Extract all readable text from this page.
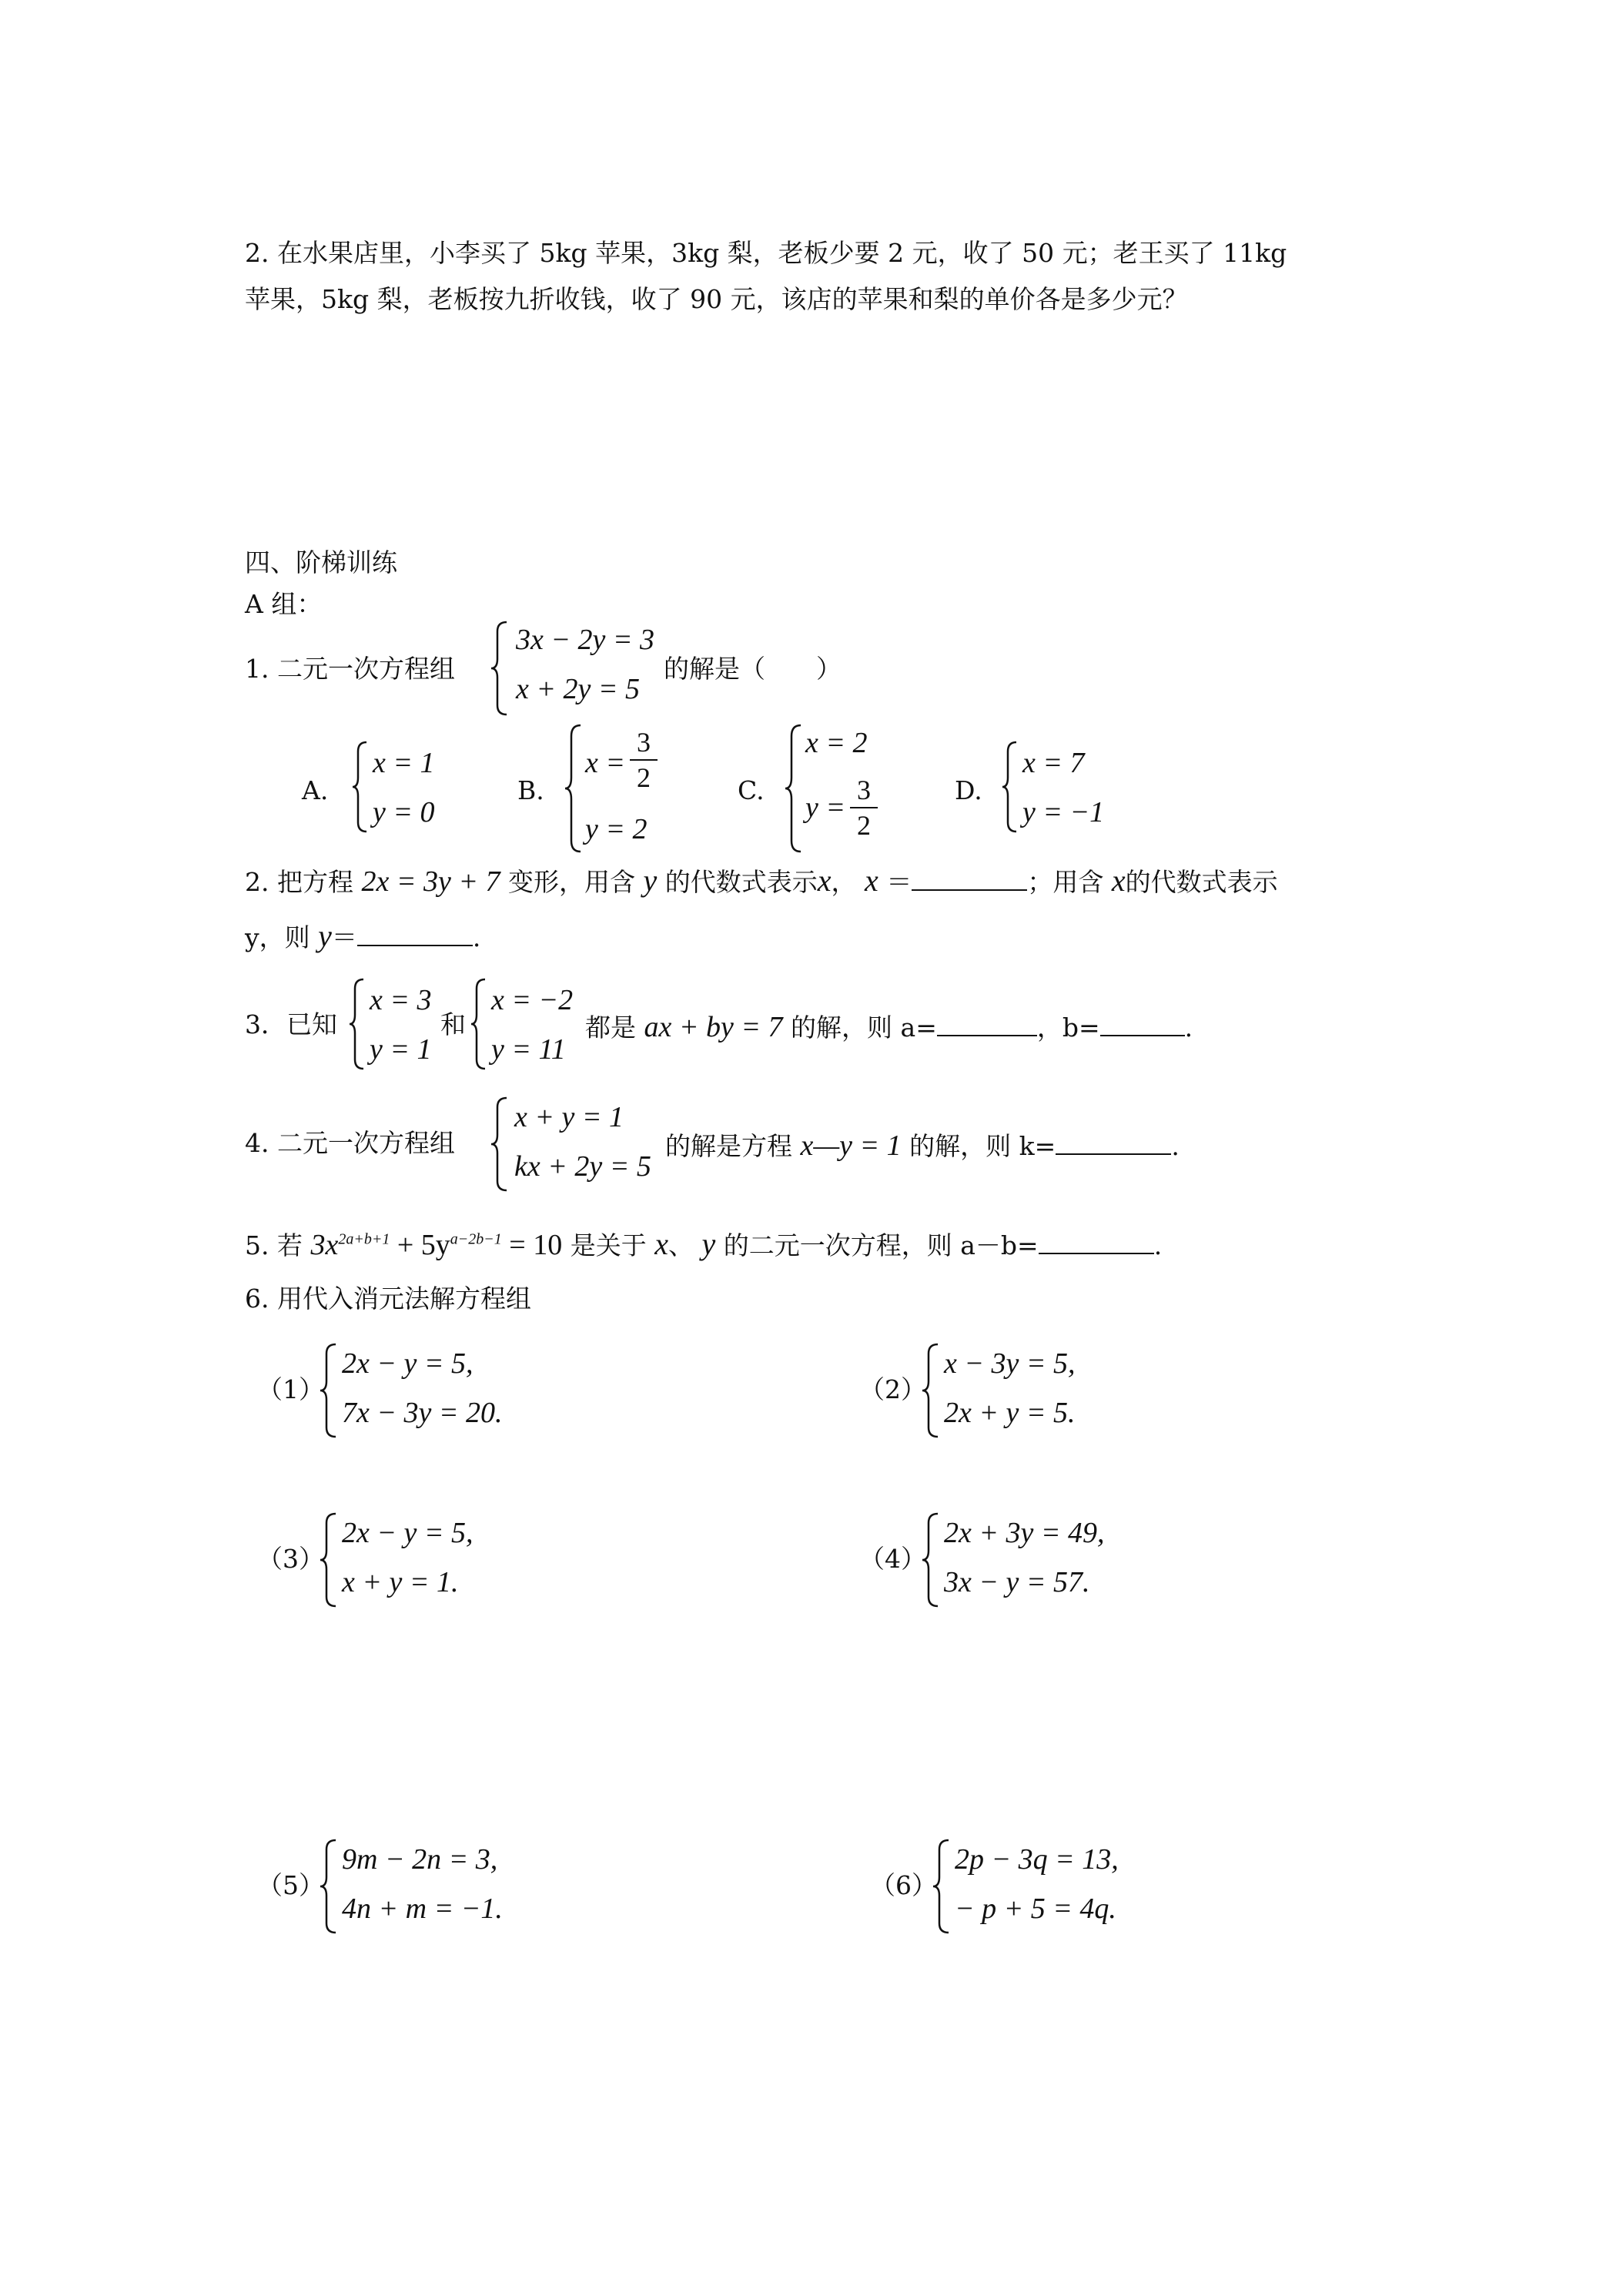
2. 在水果店里，小李买了 5kg 苹果，3kg 梨，老板少要 2 元，收了 50 元；老王买了 11kg
苹果，5kg 梨，老板按九折收钱，收了 90 元，该店的苹果和梨的单价各是多少元？
四、阶梯训练
A 组：
1. 二元一次方程组
3x − 2y = 3
x + 2y = 5
的解是（　　）
A.
x = 1
y = 0
B.
x =
3
2
y = 2
C.
x = 2
y =
3
2
D.
x = 7
y = −1
2. 把方程 2x = 3y + 7 变形，用含 y 的代数式表示x， x ＝	；用含 x的代数式表示
y，则 y＝	.
3．已知
x = 3
y = 1
和
x = −2
y = 11
都是 ax + by = 7 的解，则 a=	，b=	.
4. 二元一次方程组
x + y = 1
kx + 2y = 5
的解是方程 x—y = 1 的解，则 k=	.
5. 若 $3x^{2a+b+1} + 5y^{a-2b-1} = 10$ 是关于 x、 y 的二元一次方程，则 a－b=	.
6. 用代入消元法解方程组
（1）
2x − y = 5,
7x − 3y = 20.
（2）
x − 3y = 5,
2x + y = 5.
（3）
2x − y = 5,
x + y = 1.
（4）
2x + 3y = 49,
3x − y = 57.
（5）
9m − 2n = 3,
4n + m = −1.
（6）
2p − 3q = 13,
− p + 5 = 4q.
